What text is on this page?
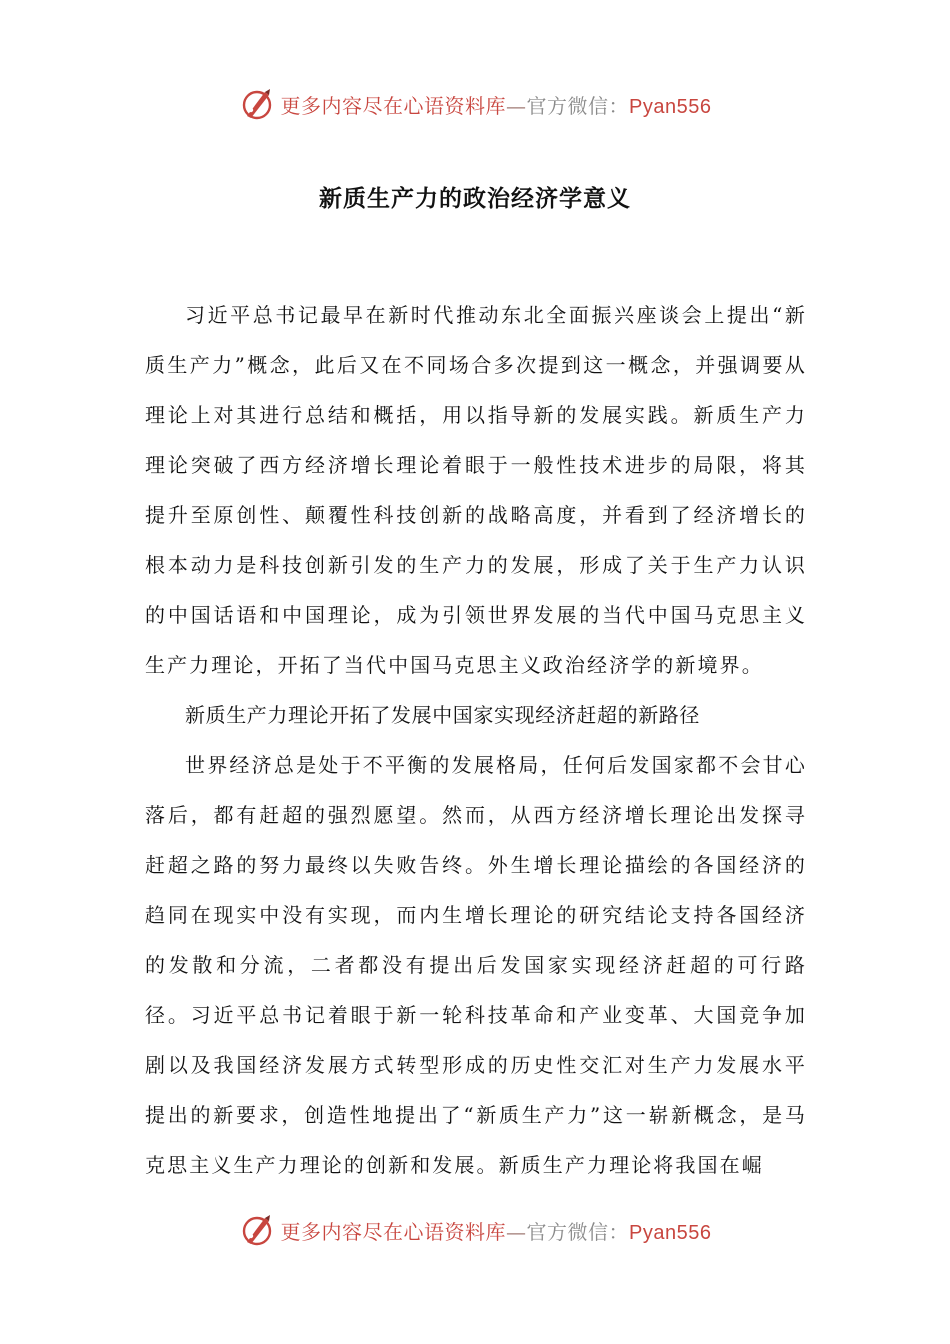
更多内容尽在心语资料库—官方微信：Pyan556
新质生产力的政治经济学意义

习近平总书记最早在新时代推动东北全面振兴座谈会上提出“新质生产力”概念，此后又在不同场合多次提到这一概念，并强调要从理论上对其进行总结和概括，用以指导新的发展实践。新质生产力理论突破了西方经济增长理论着眼于一般性技术进步的局限，将其提升至原创性、颠覆性科技创新的战略高度，并看到了经济增长的根本动力是科技创新引发的生产力的发展，形成了关于生产力认识的中国话语和中国理论，成为引领世界发展的当代中国马克思主义生产力理论，开拓了当代中国马克思主义政治经济学的新境界。

新质生产力理论开拓了发展中国家实现经济赶超的新路径

世界经济总是处于不平衡的发展格局，任何后发国家都不会甘心落后，都有赶超的强烈愿望。然而，从西方经济增长理论出发探寻赶超之路的努力最终以失败告终。外生增长理论描绘的各国经济的趋同在现实中没有实现，而内生增长理论的研究结论支持各国经济的发散和分流，二者都没有提出后发国家实现经济赶超的可行路径。习近平总书记着眼于新一轮科技革命和产业变革、大国竞争加剧以及我国经济发展方式转型形成的历史性交汇对生产力发展水平提出的新要求，创造性地提出了“新质生产力”这一崭新概念，是马克思主义生产力理论的创新和发展。新质生产力理论将我国在崛

更多内容尽在心语资料库—官方微信：Pyan556
